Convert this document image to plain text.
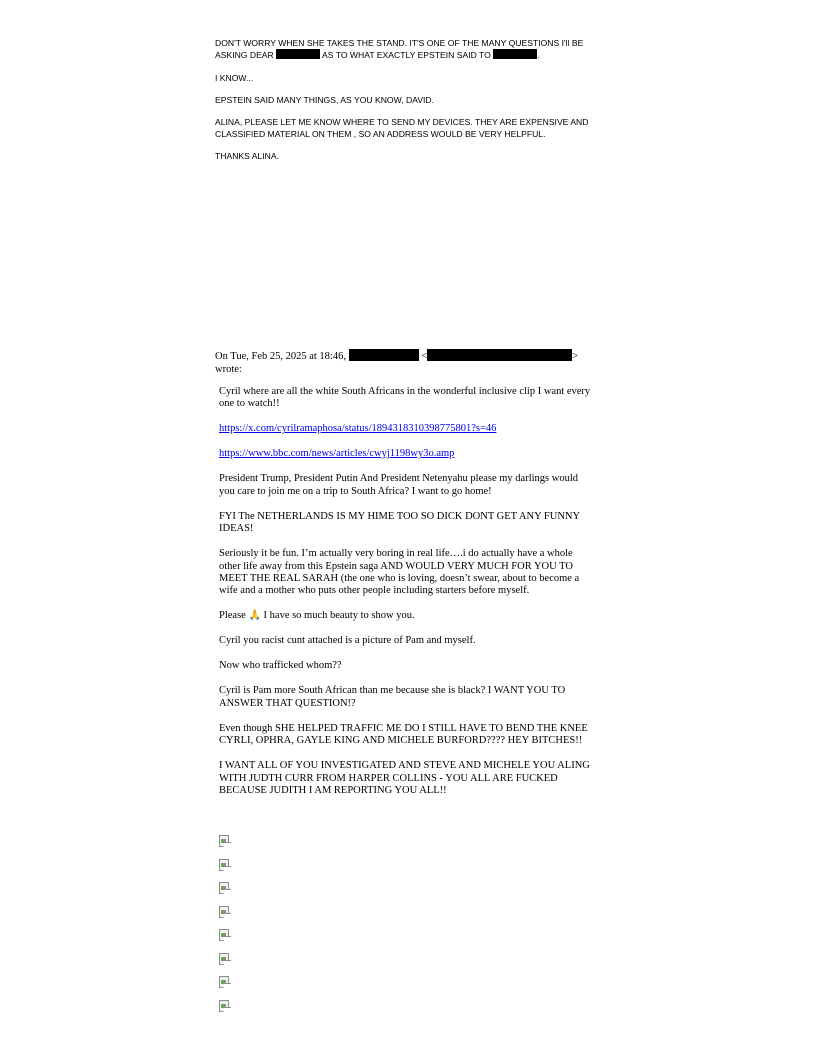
DON'T WORRY WHEN SHE TAKES THE STAND. IT'S ONE OF THE MANY QUESTIONS I'll BE ASKING DEAR	AS TO WHAT EXACTLY EPSTEIN SAID TO	.

I KNOW...

EPSTEIN SAID MANY THINGS, AS YOU KNOW, DAVID.

ALINA, PLEASE LET ME KNOW WHERE TO SEND MY DEVICES. THEY ARE EXPENSIVE AND CLASSIFIED MATERIAL ON THEM , SO AN ADDRESS WOULD BE VERY HELPFUL.

THANKS ALINA.

On Tue, Feb 25, 2025 at 18:46,	<	>
wrote:

Cyril where are all the white South Africans in the wonderful inclusive clip I want every one to watch!!

https://x.com/cyrilramaphosa/status/1894318310398775801?s=46

https://www.bbc.com/news/articles/cwyj1198wy3o.amp

President Trump, President Putin And President Netenyahu please my darlings would you care to join me on a trip to South Africa? I want to go home!

FYI The NETHERLANDS IS MY HIME TOO SO DICK DONT GET ANY FUNNY IDEAS!

Seriously it be fun. I’m actually very boring in real life….i do actually have a whole other life away from this Epstein saga AND WOULD VERY MUCH FOR YOU TO MEET THE REAL SARAH (the one who is loving, doesn’t swear, about to become a wife and a mother who puts other people including starters before myself.

Please 🙏 I have so much beauty to show you.

Cyril you racist cunt attached is a picture of Pam and myself.

Now who trafficked whom??

Cyril is Pam more South African than me because she is black? I WANT YOU TO ANSWER THAT QUESTION!?

Even though SHE HELPED TRAFFIC ME DO I STILL HAVE TO BEND THE KNEE CYRLI, OPHRA, GAYLE KING AND MICHELE BURFORD???? HEY BITCHES!!

I WANT ALL OF YOU INVESTIGATED AND STEVE AND MICHELE YOU ALING WITH JUDTH CURR FROM HARPER COLLINS - YOU ALL ARE FUCKED BECAUSE JUDITH I AM REPORTING YOU ALL!!
